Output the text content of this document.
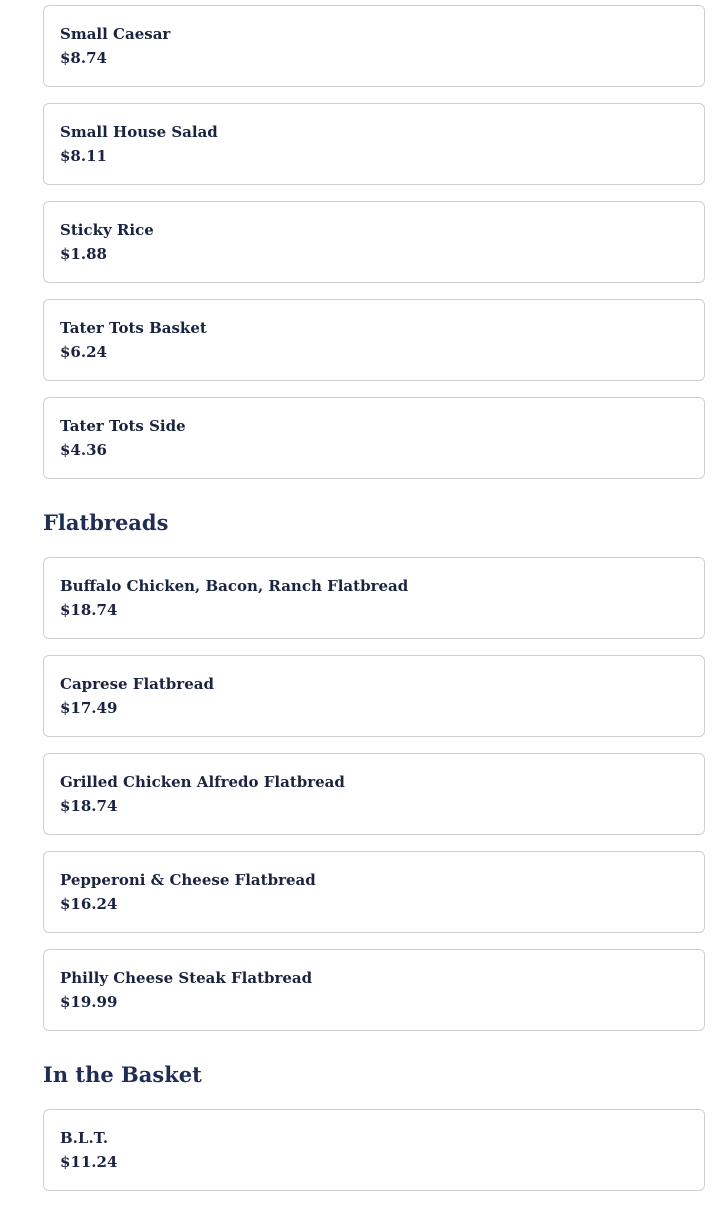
Small Caesar
$8.74
Small House Salad
$8.11
Sticky Rice
$1.88
Tater Tots Basket
$6.24
Tater Tots Side
$4.36
Flatbreads
Buffalo Chicken, Bacon, Ranch Flatbread
$18.74
Caprese Flatbread
$17.49
Grilled Chicken Alfredo Flatbread
$18.74
Pepperoni & Cheese Flatbread
$16.24
Philly Cheese Steak Flatbread
$19.99
In the Basket
B.L.T.
$11.24
